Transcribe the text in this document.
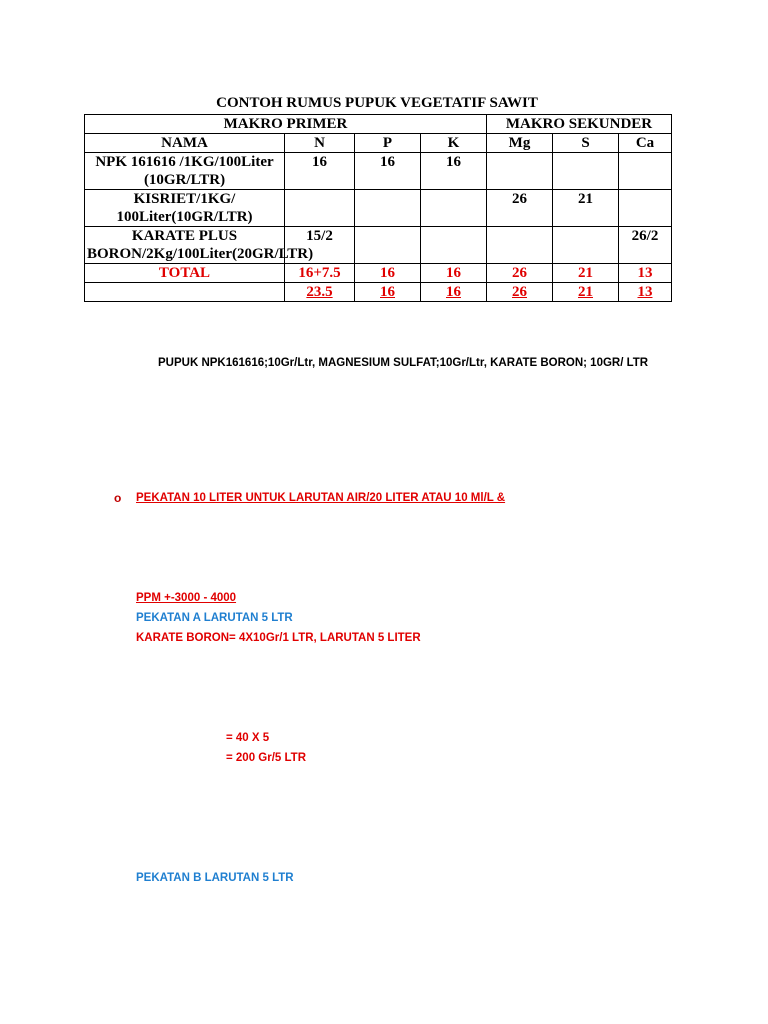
CONTOH RUMUS PUPUK VEGETATIF SAWIT
MAKRO PRIMER				MAKRO SEKUNDER		
NAMA	N	P	K	Mg	S	Ca
NPK 161616 /1KG/100Liter (10GR/LTR)	16	16	16			
KISRIET/1KG/ 100Liter(10GR/LTR)				26	21	
KARATE PLUS BORON/2Kg/100Liter(20GR/LTR)	15/2					26/2
TOTAL	16+7.5	16	16	26	21	13
	23.5	16	16	26	21	13
PUPUK NPK161616;10Gr/Ltr, MAGNESIUM SULFAT;10Gr/Ltr, KARATE BORON; 10GR/ LTR
o PEKATAN 10 LITER UNTUK LARUTAN AIR/20 LITER ATAU 10 Ml/L &
PPM +-3000 - 4000
PEKATAN A LARUTAN 5 LTR
KARATE BORON= 4X10Gr/1 LTR, LARUTAN 5 LITER
= 40 X 5
= 200 Gr/5 LTR
PEKATAN B LARUTAN 5 LTR
